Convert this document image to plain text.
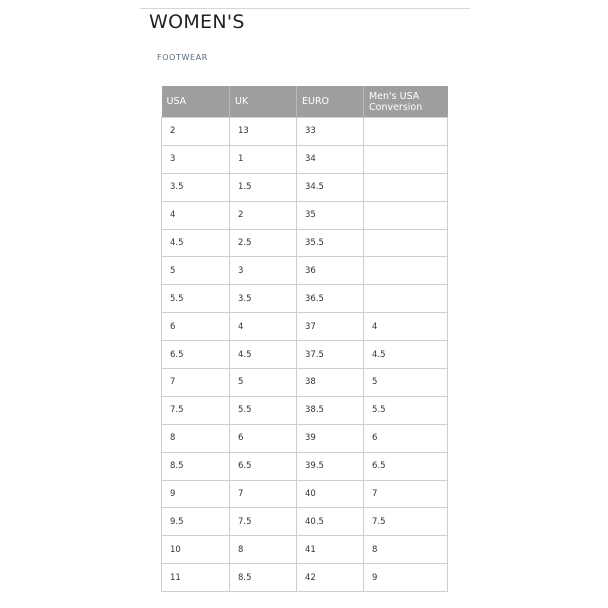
WOMEN'S
FOOTWEAR
USA	UK	EURO	Men's USA Conversion
2	13	33	
3	1	34	
3.5	1.5	34.5	
4	2	35	
4.5	2.5	35.5	
5	3	36	
5.5	3.5	36.5	
6	4	37	4
6.5	4.5	37.5	4.5
7	5	38	5
7.5	5.5	38.5	5.5
8	6	39	6
8.5	6.5	39.5	6.5
9	7	40	7
9.5	7.5	40.5	7.5
10	8	41	8
11	8.5	42	9
